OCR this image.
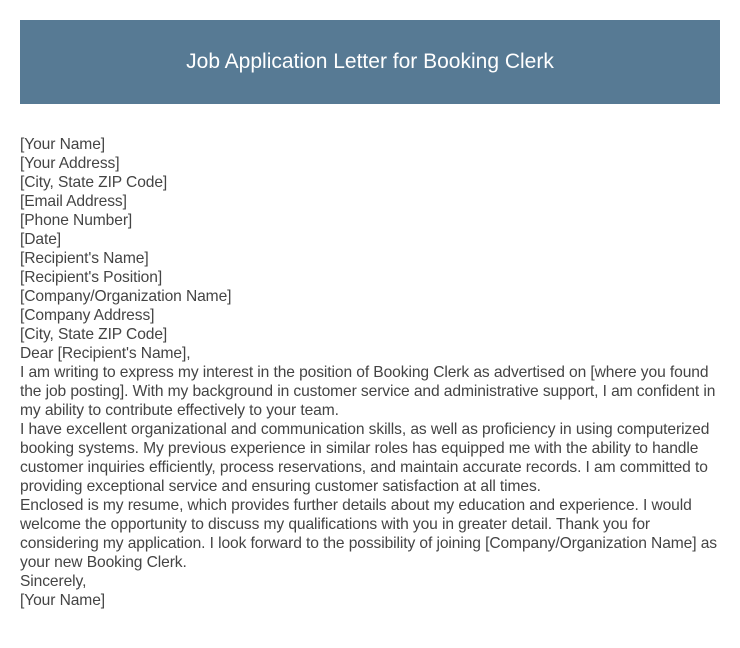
Job Application Letter for Booking Clerk
[Your Name]
[Your Address]
[City, State ZIP Code]
[Email Address]
[Phone Number]
[Date]
[Recipient's Name]
[Recipient's Position]
[Company/Organization Name]
[Company Address]
[City, State ZIP Code]
Dear [Recipient's Name],

I am writing to express my interest in the position of Booking Clerk as advertised on [where you found the job posting]. With my background in customer service and administrative support, I am confident in my ability to contribute effectively to your team.

I have excellent organizational and communication skills, as well as proficiency in using computerized booking systems. My previous experience in similar roles has equipped me with the ability to handle customer inquiries efficiently, process reservations, and maintain accurate records. I am committed to providing exceptional service and ensuring customer satisfaction at all times.

Enclosed is my resume, which provides further details about my education and experience. I would welcome the opportunity to discuss my qualifications with you in greater detail. Thank you for considering my application. I look forward to the possibility of joining [Company/Organization Name] as your new Booking Clerk.

Sincerely,
[Your Name]
